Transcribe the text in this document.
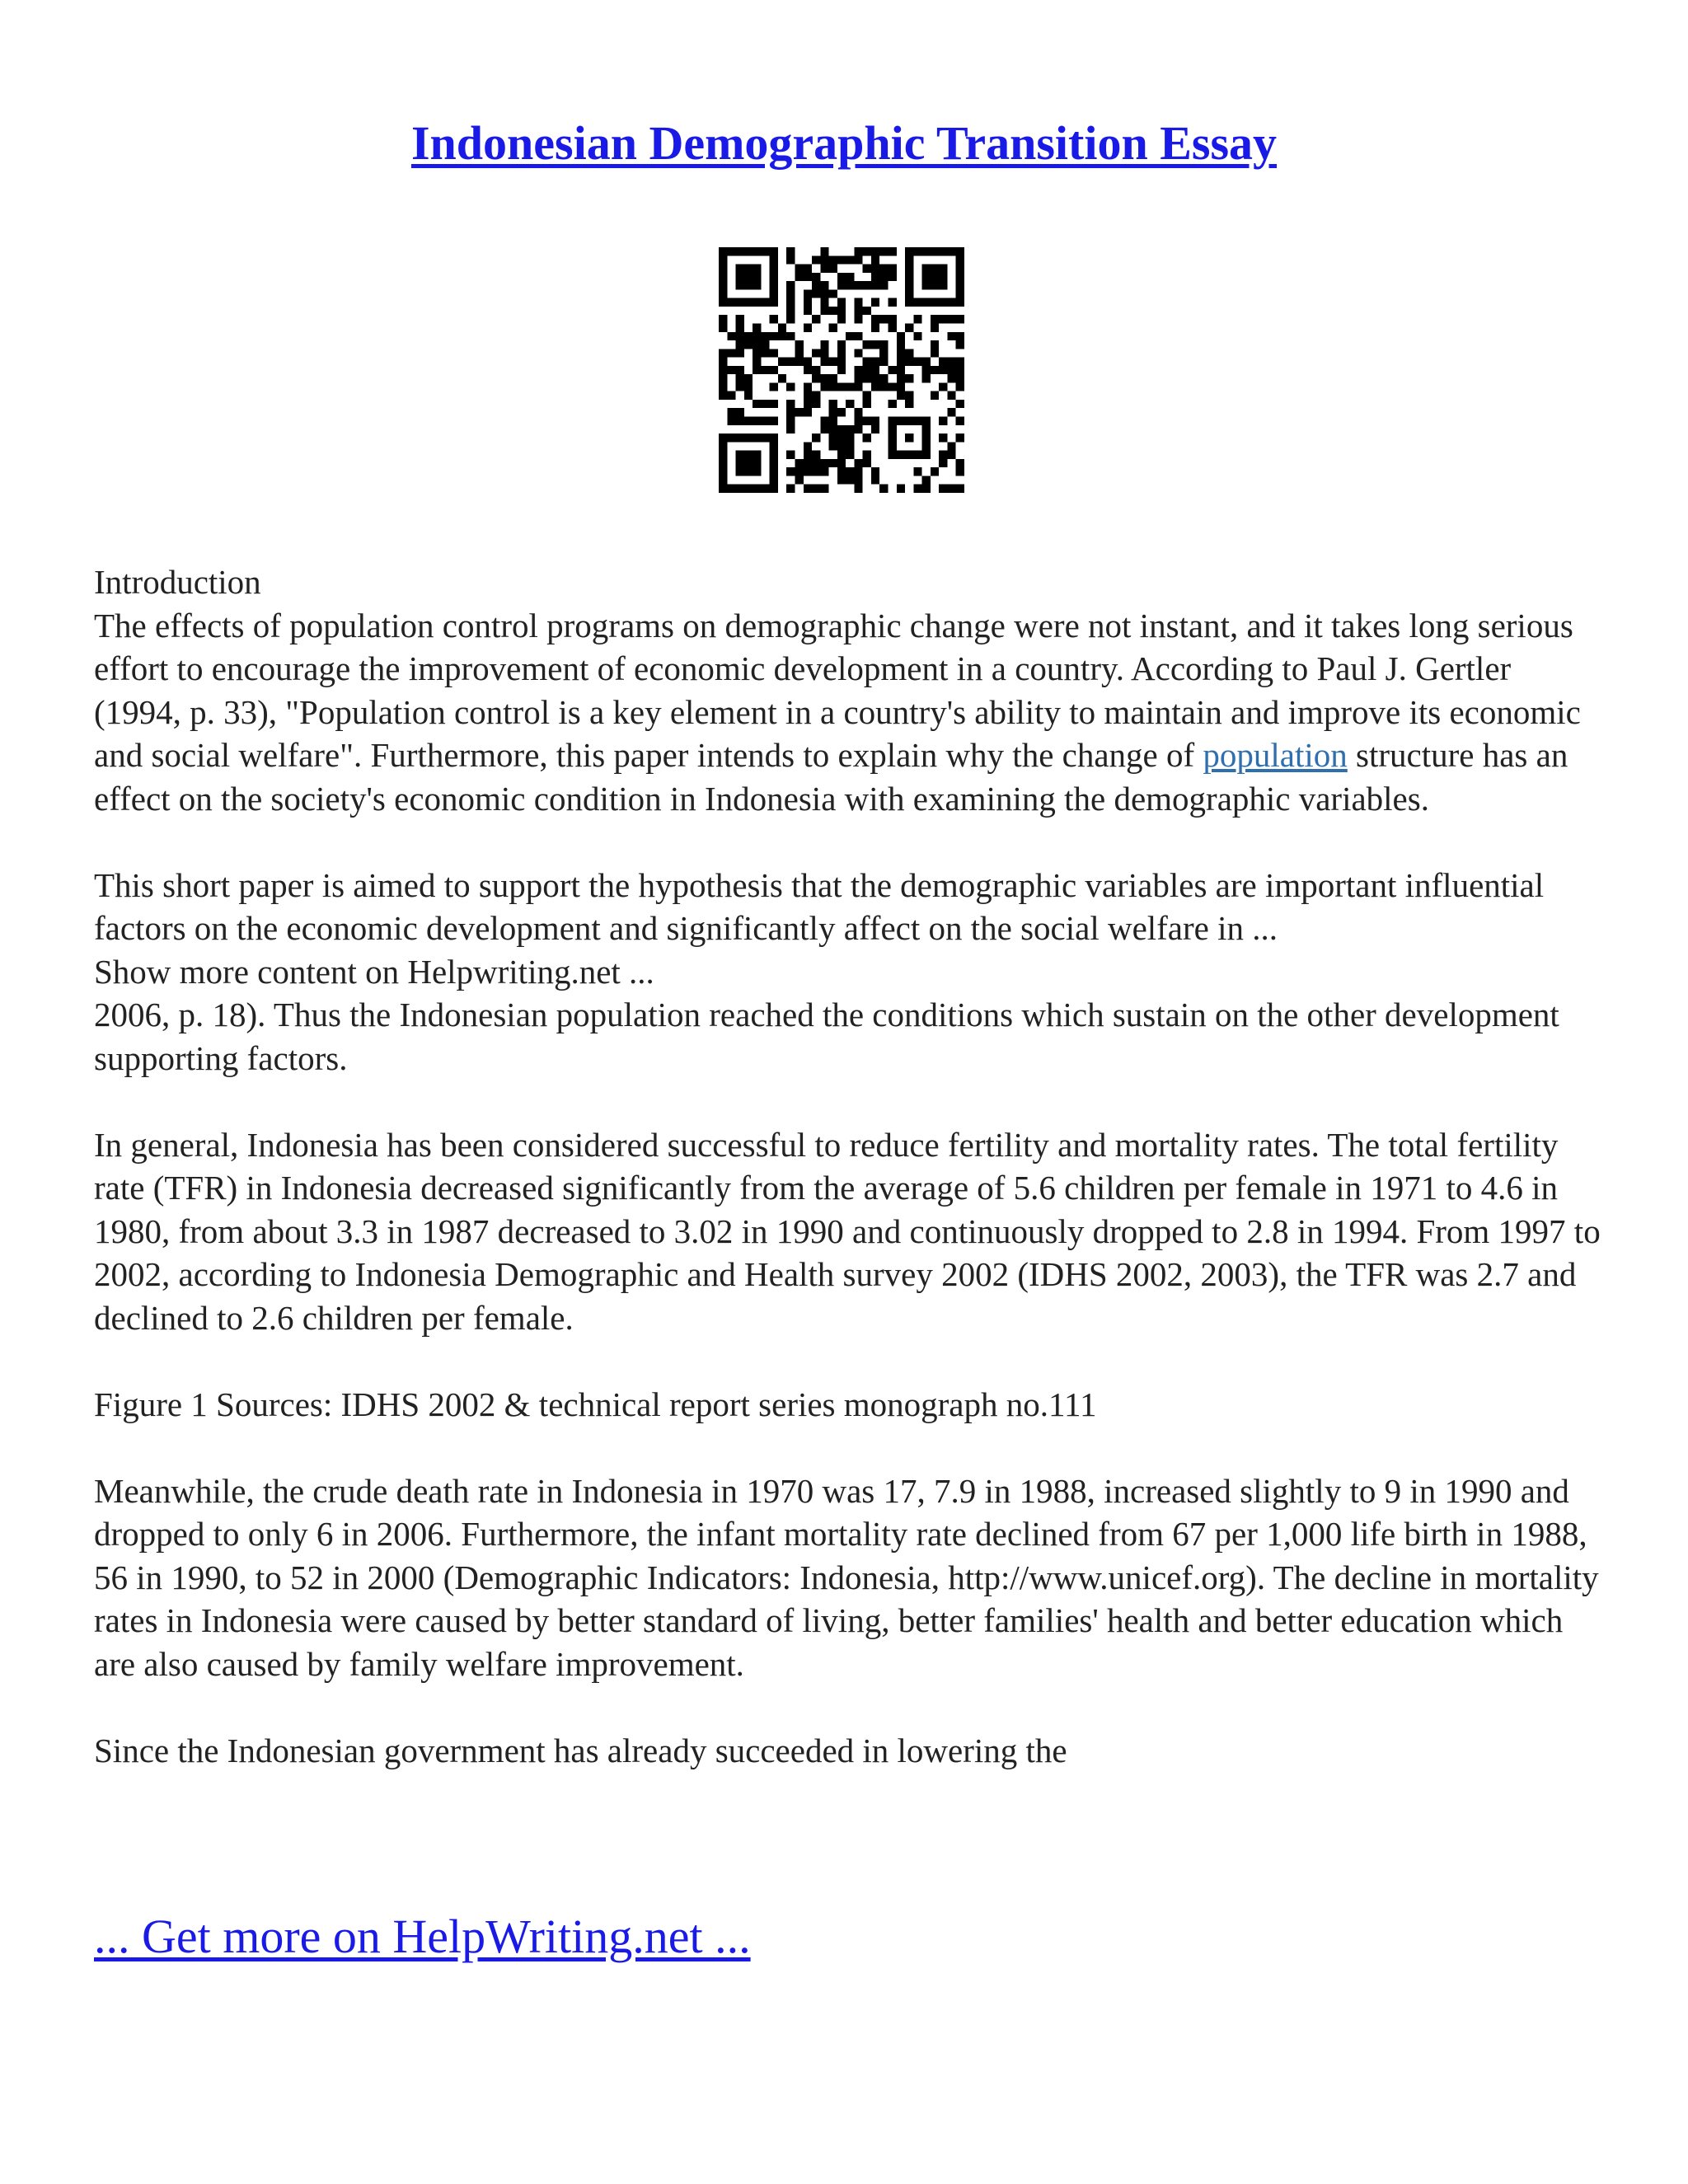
Indonesian Demographic Transition Essay

Introduction

The effects of population control programs on demographic change were not instant, and it takes long serious effort to encourage the improvement of economic development in a country. According to Paul J. Gertler (1994, p. 33), "Population control is a key element in a country's ability to maintain and improve its economic and social welfare". Furthermore, this paper intends to explain why the change of population structure has an effect on the society's economic condition in Indonesia with examining the demographic variables.

This short paper is aimed to support the hypothesis that the demographic variables are important influential factors on the economic development and significantly affect on the social welfare in ...

Show more content on Helpwriting.net ...

2006, p. 18). Thus the Indonesian population reached the conditions which sustain on the other development supporting factors.

In general, Indonesia has been considered successful to reduce fertility and mortality rates. The total fertility rate (TFR) in Indonesia decreased significantly from the average of 5.6 children per female in 1971 to 4.6 in 1980, from about 3.3 in 1987 decreased to 3.02 in 1990 and continuously dropped to 2.8 in 1994. From 1997 to 2002, according to Indonesia Demographic and Health survey 2002 (IDHS 2002, 2003), the TFR was 2.7 and declined to 2.6 children per female.

Figure 1 Sources: IDHS 2002 & technical report series monograph no.111

Meanwhile, the crude death rate in Indonesia in 1970 was 17, 7.9 in 1988, increased slightly to 9 in 1990 and dropped to only 6 in 2006. Furthermore, the infant mortality rate declined from 67 per 1,000 life birth in 1988, 56 in 1990, to 52 in 2000 (Demographic Indicators: Indonesia, http://www.unicef.org). The decline in mortality rates in Indonesia were caused by better standard of living, better families' health and better education which are also caused by family welfare improvement.

Since the Indonesian government has already succeeded in lowering the

... Get more on HelpWriting.net ...
